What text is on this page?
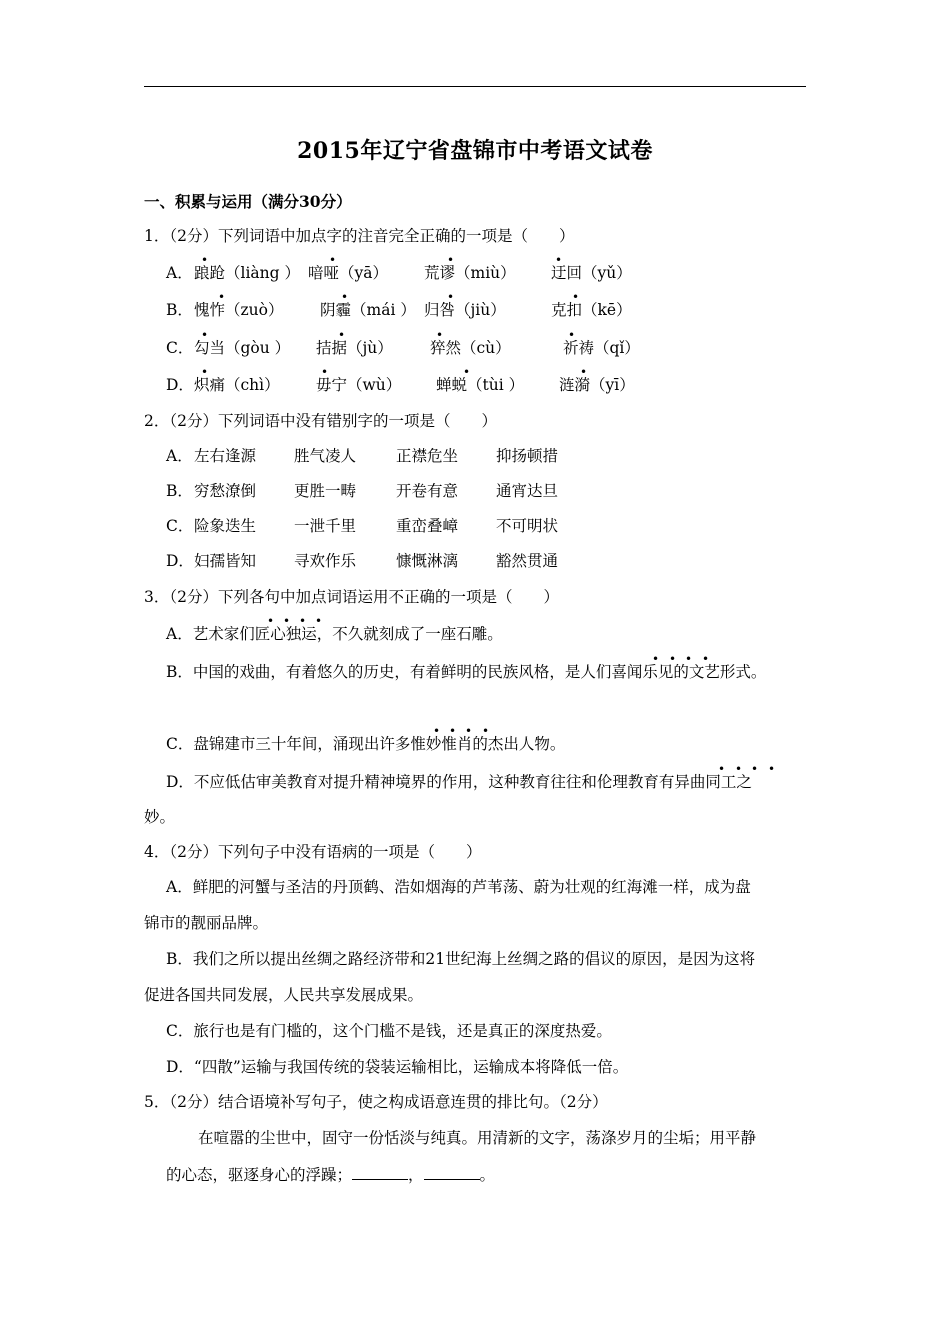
2015年辽宁省盘锦市中考语文试卷
一、积累与运用（满分30分）
1．（2分）下列词语中加点字的注音完全正确的一项是（　　）
A． 踉跄（liàng ） 喑哑（yā） 荒谬（miù） 迂回（yǔ）
•	•	•	•
B． 愧怍（zuò） 阴霾（mái ） 归咎（jiù）	克扣（kē）
•	•	•	•
C． 勾当（gòu ） 拮据（jù） 猝然（cù）	祈祷（qǐ）
•	•	•	•
D． 炽痛（chì） 毋宁（wù） 蝉蜕（tùi ） 涟漪（yī）
•	•	•	•
2．（2分）下列词语中没有错别字的一项是（　　）
A． 左右逢源 胜气凌人	正襟危坐 抑扬顿措
B． 穷愁潦倒 更胜一畴	开卷有意 通宵达旦
C． 险象迭生 一泄千里	重峦叠嶂 不可明状
D． 妇孺皆知 寻欢作乐	慷慨淋漓 豁然贯通
3．（2分）下列各句中加点词语运用不正确的一项是（　　）
A．艺术家们匠心独运，不久就刻成了一座石雕。
• • • •
B．中国的戏曲，有着悠久的历史，有着鲜明的民族风格，是人们喜闻乐见的文艺形式。
• • • •
C．盘锦建市三十年间，涌现出许多惟妙惟肖的杰出人物。
• • • •
D．不应低估审美教育对提升精神境界的作用，这种教育往往和伦理教育有异曲同工之
• • • •
妙。
4．（2分）下列句子中没有语病的一项是（　　）
A．鲜肥的河蟹与圣洁的丹顶鹤、浩如烟海的芦苇荡、蔚为壮观的红海滩一样，成为盘
锦市的靓丽品牌。
B．我们之所以提出丝绸之路经济带和21世纪海上丝绸之路的倡议的原因，是因为这将
促进各国共同发展，人民共享发展成果。
C．旅行也是有门槛的，这个门槛不是钱，还是真正的深度热爱。
D．“四散”运输与我国传统的袋装运输相比，运输成本将降低一倍。
5．（2分）结合语境补写句子，使之构成语意连贯的排比句。（2分）
在喧嚣的尘世中，固守一份恬淡与纯真。用清新的文字，荡涤岁月的尘垢；用平静
的心态，驱逐身心的浮躁；	，	。
